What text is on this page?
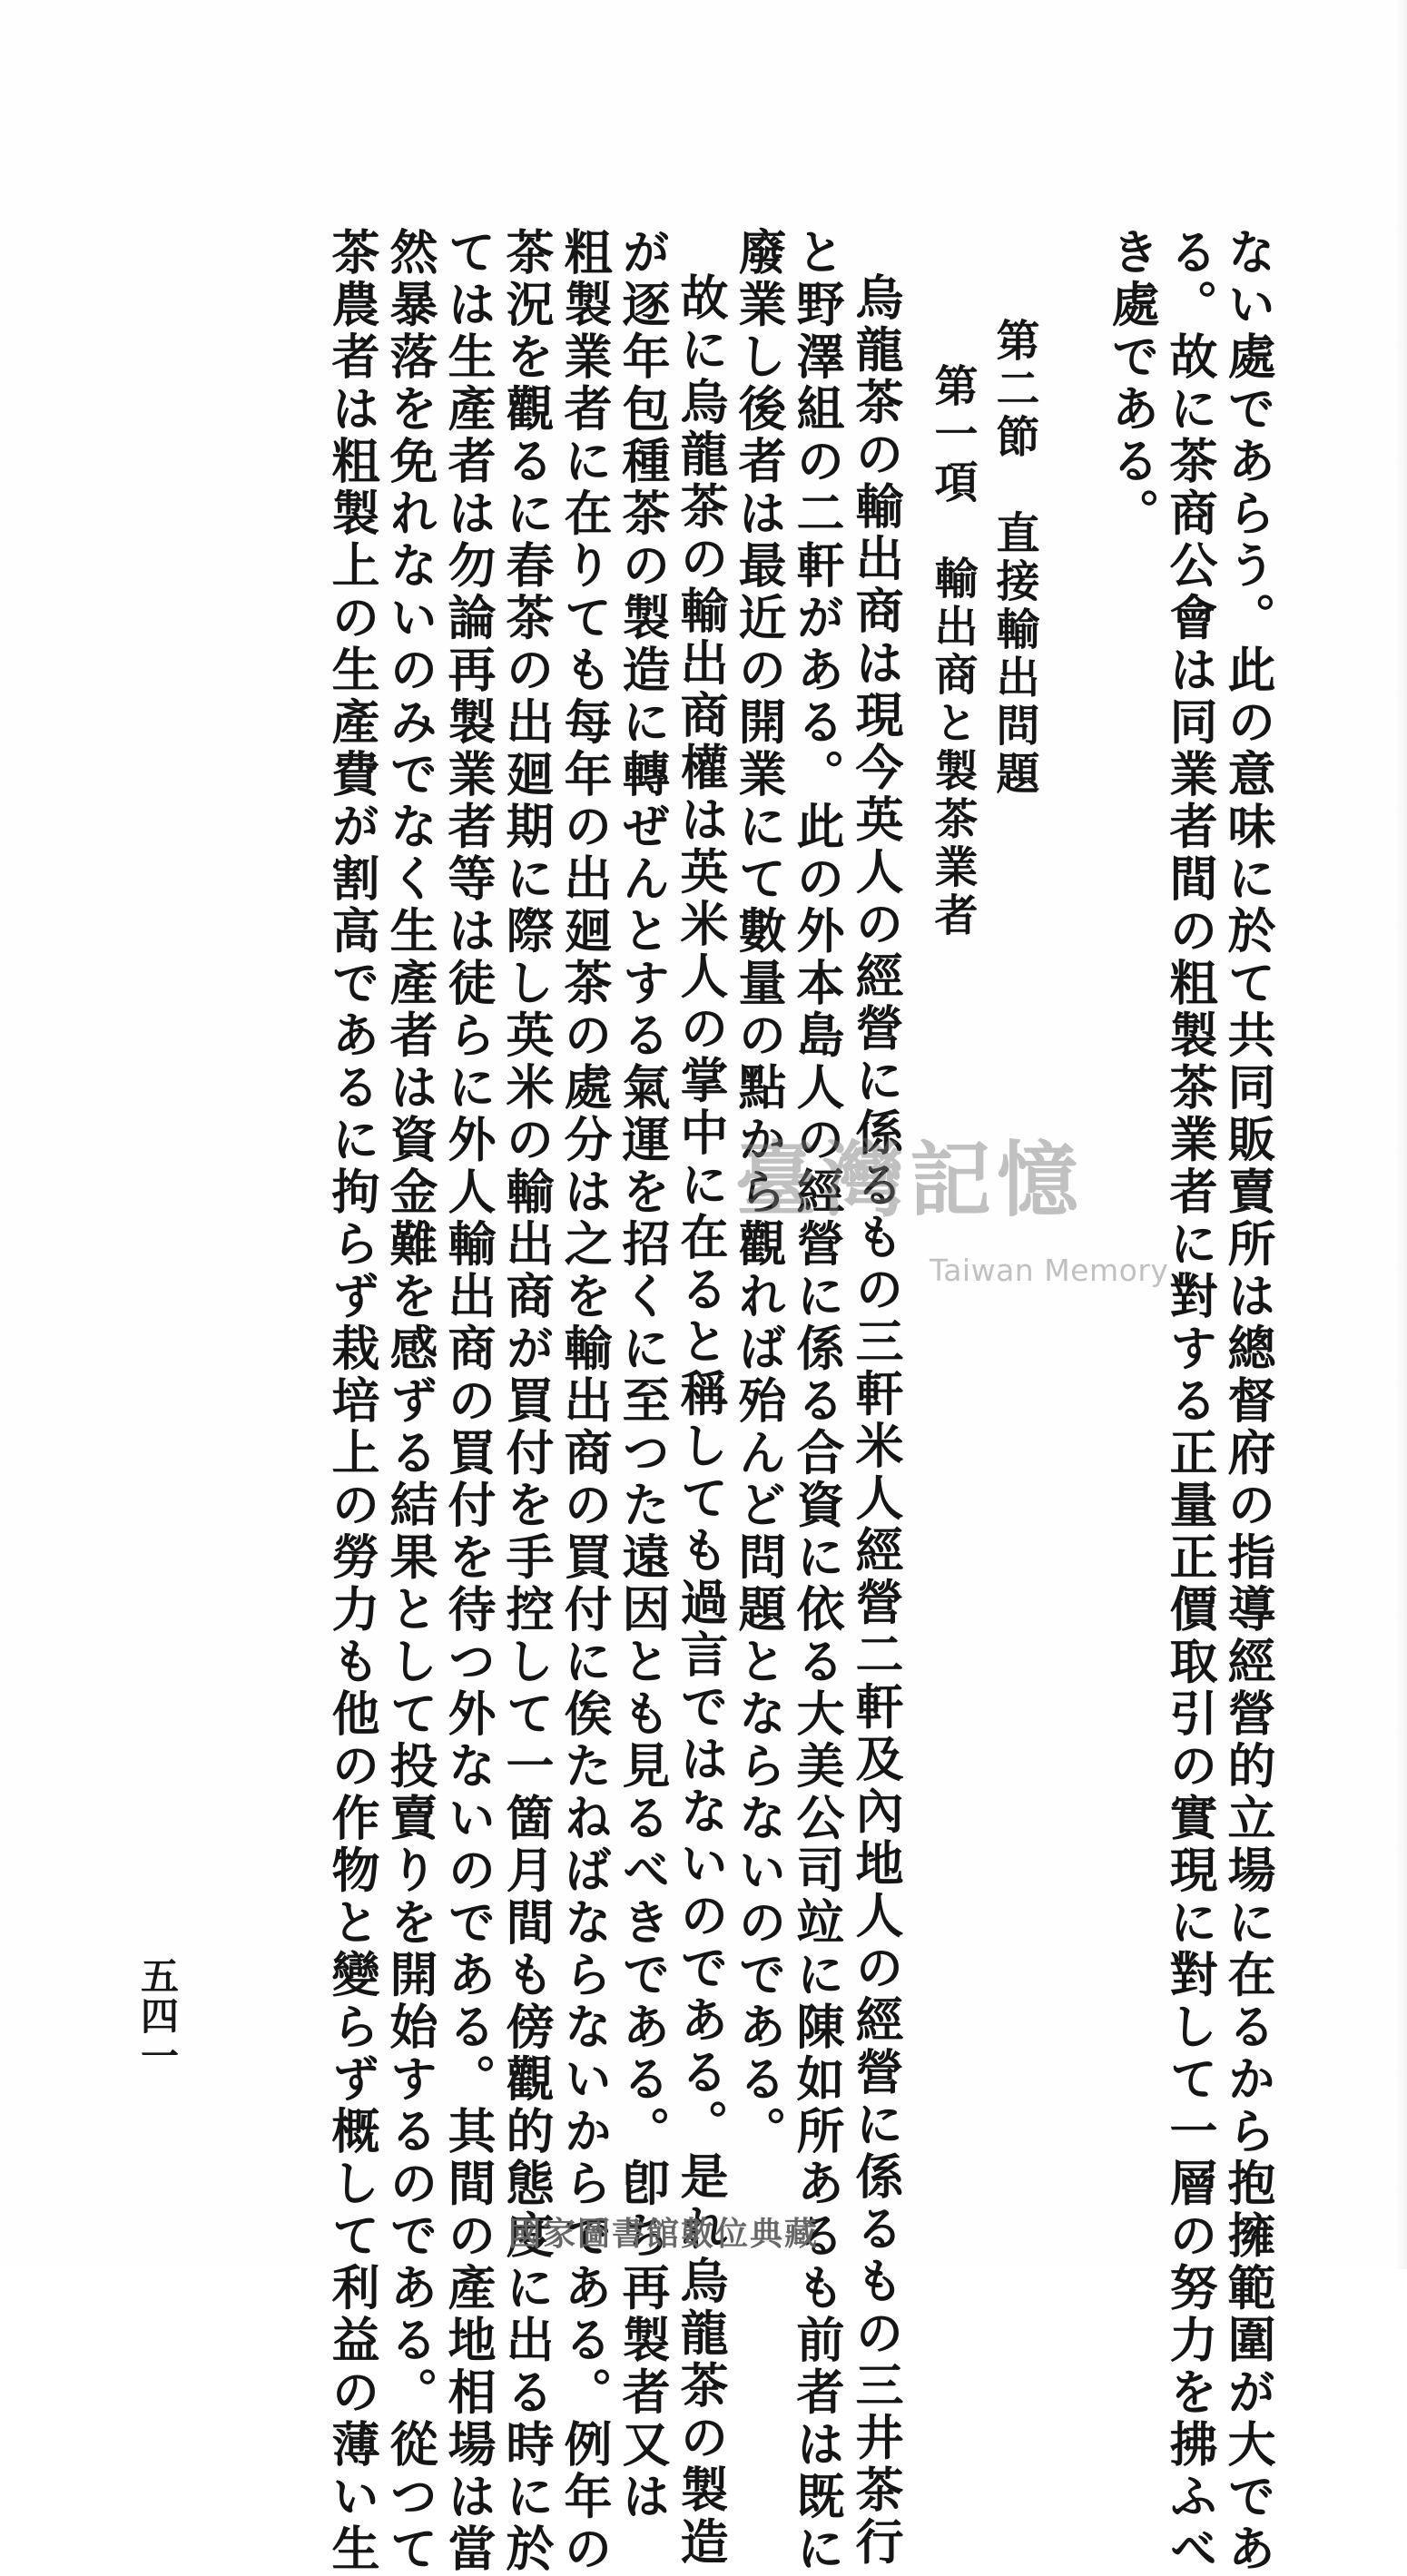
ない處であらう。此の意味に於て共同販賣所は總督府の指導經營的立場に在るから抱擁範圍が大であ
る。故に茶商公會は同業者間の粗製茶業者に對する正量正價取引の實現に對して一層の努力を拂ふべ
き處である。
第二節　直接輸出問題
第一項　輸出商と製茶業者
烏龍茶の輸出商は現今英人の經營に係るもの三軒米人經營二軒及內地人の經營に係るもの三井茶行
と野澤組の二軒がある。此の外本島人の經營に係る合資に依る大美公司竝に陳如所あるも前者は既に
廢業し後者は最近の開業にて數量の點から觀れば殆んど問題とならないのである。
故に烏龍茶の輸出商權は英米人の掌中に在ると稱しても過言ではないのである。是れ烏龍茶の製造
が逐年包種茶の製造に轉ぜんとする氣運を招くに至つた遠因とも見るべきである。卽ち再製者又は
粗製業者に在りても每年の出廻茶の處分は之を輸出商の買付に俟たねばならないからである。例年の
茶況を觀るに春茶の出廻期に際し英米の輸出商が買付を手控して一箇月間も傍觀的態度に出る時に於
ては生產者は勿論再製業者等は徒らに外人輸出商の買付を待つ外ないのである。其間の產地相場は當
然暴落を免れないのみでなく生產者は資金難を感ずる結果として投賣りを開始するのである。從つて
茶農者は粗製上の生產費が割高であるに拘らず栽培上の勞力も他の作物と變らず概して利益の薄い生
五四一
臺灣記憶
Taiwan Memory
國家圖書館數位典藏
